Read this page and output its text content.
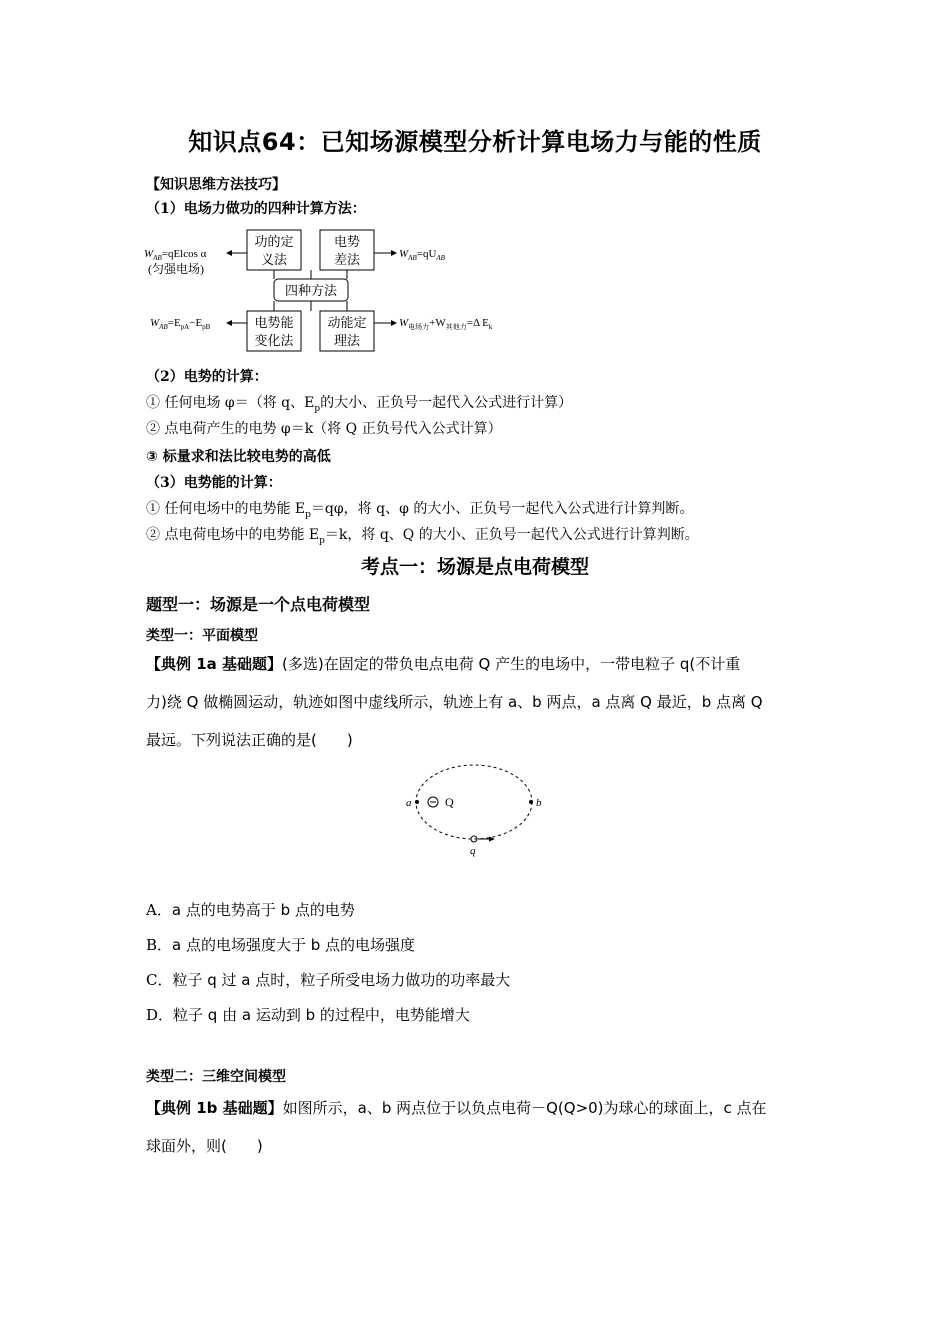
知识点64：已知场源模型分析计算电场力与能的性质
【知识思维方法技巧】
（1）电场力做功的四种计算方法：
功的定
义法
电势
差法
电势能
变化法
动能定
理法
四种方法
$W_{AB}=qElcos$ α
(匀强电场)
$W_{AB}=qU_{AB}$
$W_{AB}=E_{pA}-E_{pB}$	$W_{电场力}+W_{其他力}=\Delta$ $E_k$
（2）电势的计算：
① 任何电场 φ＝（将 q、$E_p$的大小、正负号一起代入公式进行计算）
② 点电荷产生的电势 φ＝k（将 Q 正负号代入公式计算）
③ 标量求和法比较电势的高低
（3）电势能的计算：
① 任何电场中的电势能 $E_p=q\varphi$，将 q、φ 的大小、正负号一起代入公式进行计算判断。
② 点电荷电场中的电势能 $E_p=k$，将 q、Q 的大小、正负号一起代入公式进行计算判断。
考点一：场源是点电荷模型
题型一：场源是一个点电荷模型
类型一：平面模型
【典例 1a 基础题】(多选)在固定的带负电点电荷 Q 产生的电场中，一带电粒子 q(不计重
力)绕 Q 做椭圆运动，轨迹如图中虚线所示，轨迹上有 a、b 两点，a 点离 Q 最近，b 点离 Q
最远。下列说法正确的是(　　)
a	b
Q
q
A．a 点的电势高于 b 点的电势
B．a 点的电场强度大于 b 点的电场强度
C．粒子 q 过 a 点时，粒子所受电场力做功的功率最大
D．粒子 q 由 a 运动到 b 的过程中，电势能增大
类型二：三维空间模型
【典例 1b 基础题】如图所示，a、b 两点位于以负点电荷－Q(Q>0)为球心的球面上，c 点在
球面外，则(　　)
